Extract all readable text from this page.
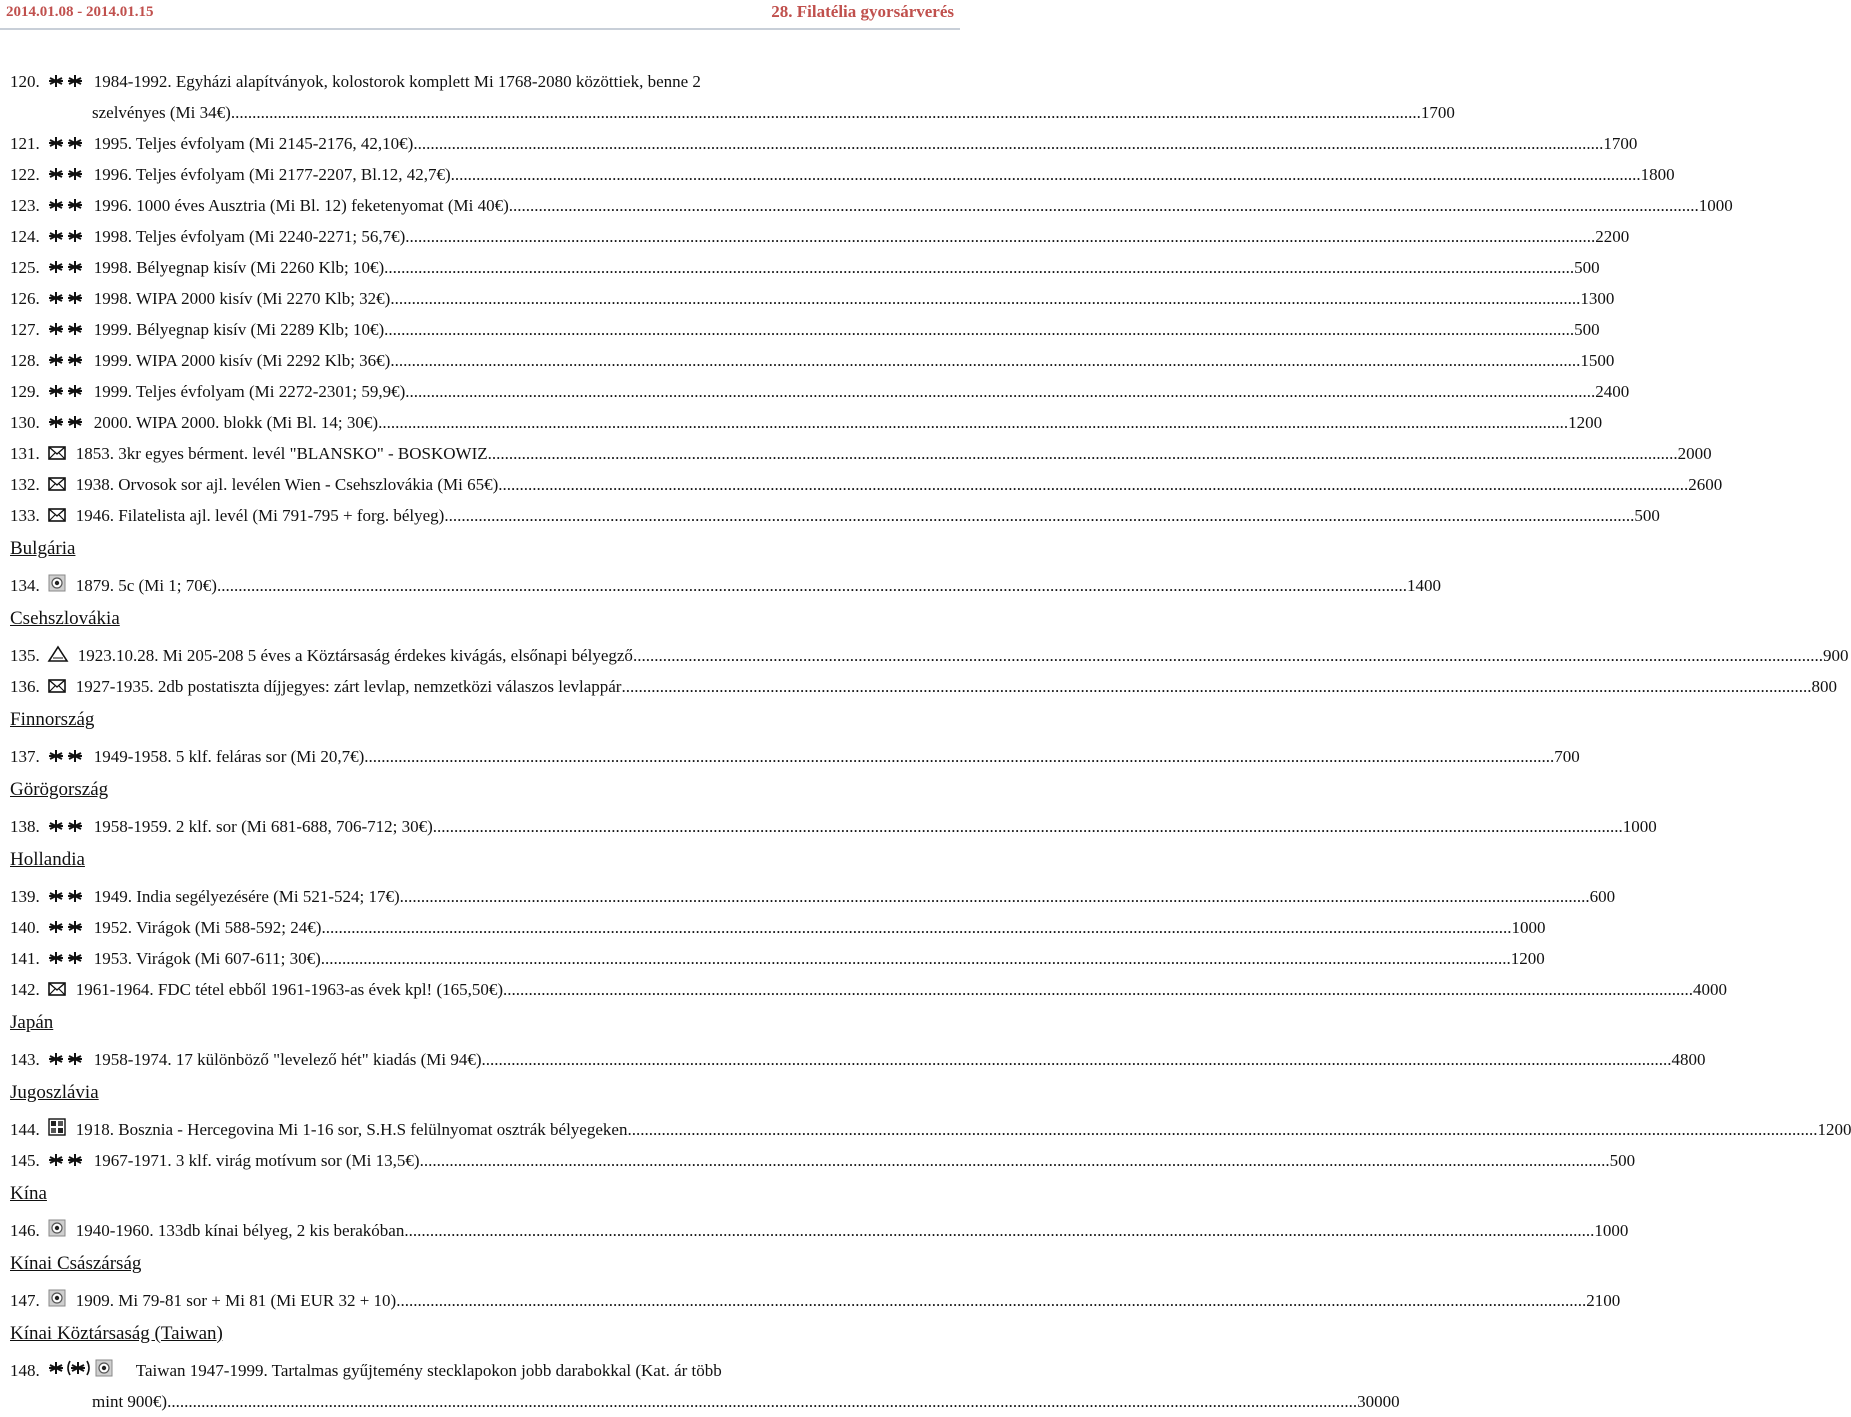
2014.01.08 - 2014.01.15	28. Filatélia gyorsárverés
120.	1984-1992. Egyházi alapítványok, kolostorok komplett Mi 1768-2080 közöttiek, benne 2
szelvényes (Mi 34€) .....	1700
121.	1995. Teljes évfolyam (Mi 2145-2176, 42,10€) .....	1700
122.	1996. Teljes évfolyam (Mi 2177-2207, Bl.12, 42,7€) .....	1800
123.	1996. 1000 éves Ausztria (Mi Bl. 12) feketenyomat (Mi 40€) .....	1000
124.	1998. Teljes évfolyam (Mi 2240-2271; 56,7€) .....	2200
125.	1998. Bélyegnap kisív (Mi 2260 Klb; 10€) .....	500
126.	1998. WIPA 2000 kisív (Mi 2270 Klb; 32€) .....	1300
127.	1999. Bélyegnap kisív (Mi 2289 Klb; 10€) .....	500
128.	1999. WIPA 2000 kisív (Mi 2292 Klb; 36€) .....	1500
129.	1999. Teljes évfolyam (Mi 2272-2301; 59,9€) .....	2400
130.	2000. WIPA 2000. blokk (Mi Bl. 14; 30€) .....	1200
131. 1853. 3kr egyes bérment. levél "BLANSKO" - BOSKOWIZ .....	2000
132. 1938. Orvosok sor ajl. levélen Wien - Csehszlovákia (Mi 65€) .....	2600
133. 1946. Filatelista ajl. levél (Mi 791-795 + forg. bélyeg) .....	500
Bulgária
134. 1879. 5c (Mi 1; 70€) .....	1400
Csehszlovákia
135. 1923.10.28. Mi 205-208 5 éves a Köztársaság érdekes kivágás, elsőnapi bélyegző .....	900
136. 1927-1935. 2db postatiszta díjjegyes: zárt levlap, nemzetközi válaszos levlappár .....	800
Finnország
137.	1949-1958. 5 klf. feláras sor (Mi 20,7€) .....	700
Görögország
138.	1958-1959. 2 klf. sor (Mi 681-688, 706-712; 30€) .....	1000
Hollandia
139.	1949. India segélyezésére (Mi 521-524; 17€) .....	600
140.	1952. Virágok (Mi 588-592; 24€) .....	1000
141.	1953. Virágok (Mi 607-611; 30€) .....	1200
142. 1961-1964. FDC tétel ebből 1961-1963-as évek kpl! (165,50€) .....	4000
Japán
143.	1958-1974. 17 különböző "levelező hét" kiadás (Mi 94€) .....	4800
Jugoszlávia
144. 1918. Bosznia - Hercegovina Mi 1-16 sor, S.H.S felülnyomat osztrák bélyegeken .....	1200
145.	1967-1971. 3 klf. virág motívum sor (Mi 13,5€) .....	500
Kína
146. 1940-1960. 133db kínai bélyeg, 2 kis berakóban .....	1000
Kínai Császárság
147. 1909. Mi 79-81 sor + Mi 81 (Mi EUR 32 + 10) .....	2100
Kínai Köztársaság (Taiwan)
148.	Taiwan 1947-1999. Tartalmas gyűjtemény stecklapokon jobb darabokkal (Kat. ár több
mint 900€) .....	30000
